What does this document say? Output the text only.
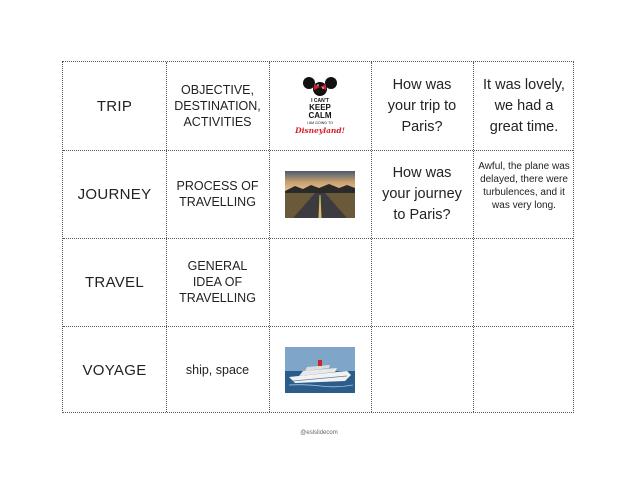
TRIP
OBJECTIVE,
DESTINATION,
ACTIVITIES
I CAN'T
KEEP
CALM
I AM GOING TO
Disneyland!
How was
your trip to
Paris?
It was lovely,
we had a
great time.
JOURNEY	PROCESS OF
TRAVELLING
How was
your journey
to Paris?
Awful, the plane was
delayed, there were
turbulences, and it
was very long.
TRAVEL
GENERAL
IDEA OF
TRAVELLING
VOYAGE	ship, space
@eslslidecom
